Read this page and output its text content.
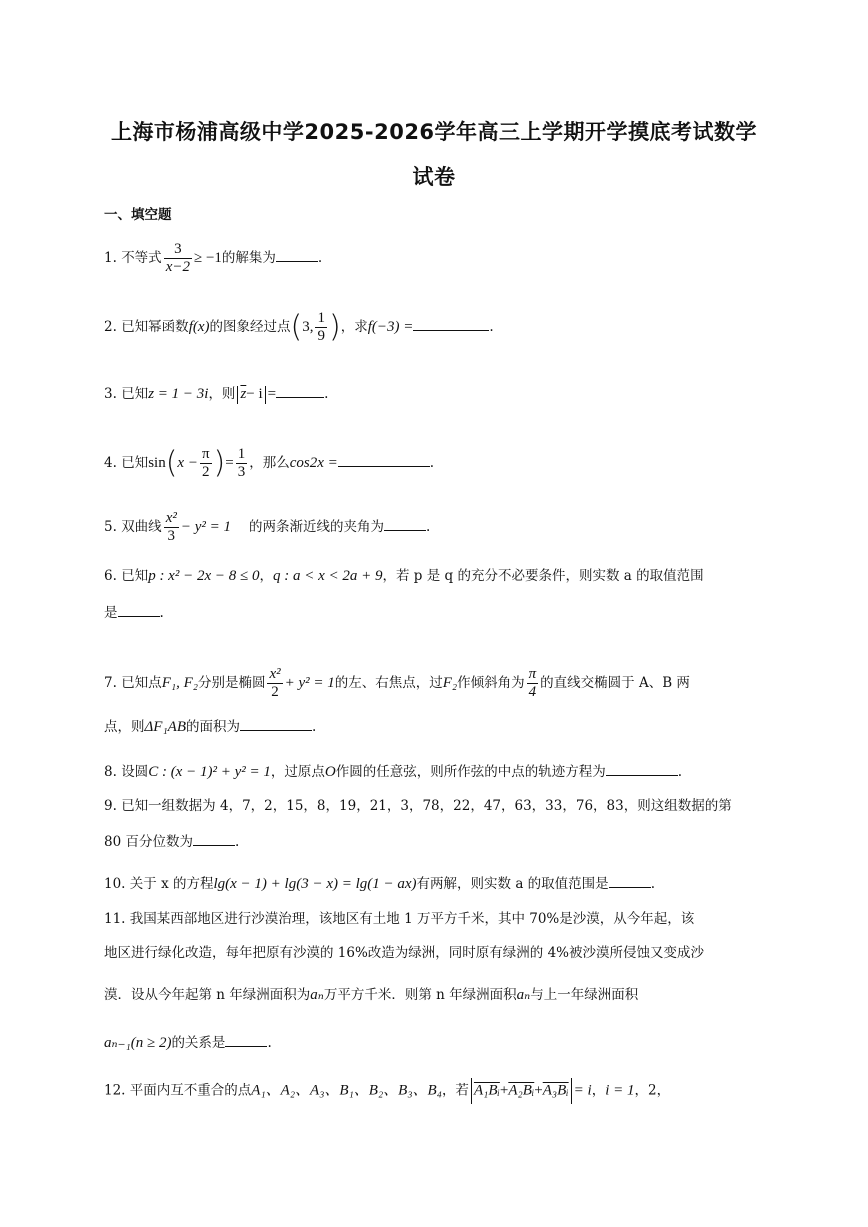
上海市杨浦高级中学2025-2026学年高三上学期开学摸底考试数学
试卷
一、填空题
1. 不等式 $\frac{3}{x-2} \ge -1$的解集为	.
2. 已知幂函数f(x)的图象经过点(3, $\frac{1}{9}$ )，求f(−3) =	.
3. 已知z = 1 − 3i，则 $\overline{z}- i$ =	.
4. 已知$\sin(x - \frac{\pi}{2}$ )= $\frac{1}{3}$ ，那么cos2x =	.
5. 双曲线 $\frac{\text{x²}}{3} - y^2 = 1$ 的两条渐近线的夹角为	.
6. 已知p : x² − 2x − 8 ≤ 0，q : a < x < 2a + 9，若 p 是 q 的充分不必要条件，则实数 a 的取值范围
是	.
7. 已知点F₁, F₂分别是椭圆 $\frac{\text{x²}}{2} + y^2 = 1$的左、右焦点，过F₂作倾斜角为 $\frac{\pi}{4}$ 的直线交椭圆于 A、B 两
点，则ΔF₁AB的面积为	.
8. 设圆C : (x − 1)² + y² = 1，过原点O作圆的任意弦，则所作弦的中点的轨迹方程为	.
9. 已知一组数据为 4，7，2，15，8，19，21，3，78，22，47，63，33，76，83，则这组数据的第
80 百分位数为	.
10. 关于 x 的方程lg(x − 1) + lg(3 − x) = lg(1 − ax)有两解，则实数 a 的取值范围是	.
11. 我国某西部地区进行沙漠治理，该地区有土地 1 万平方千米，其中 70%是沙漠，从今年起，该
地区进行绿化改造，每年把原有沙漠的 16%改造为绿洲，同时原有绿洲的 4%被沙漠所侵蚀又变成沙
漠．设从今年起第 n 年绿洲面积为aₙ万平方千米．则第 n 年绿洲面积aₙ与上一年绿洲面积
aₙ₋₁(n ≥ 2)的关系是	.
12. 平面内互不重合的点A₁、A₂、A₃、B₁、B₂、B₃、B₄，若 A₁Bᵢ+A₂Bᵢ+A₃Bᵢ = i，i = 1，2，
